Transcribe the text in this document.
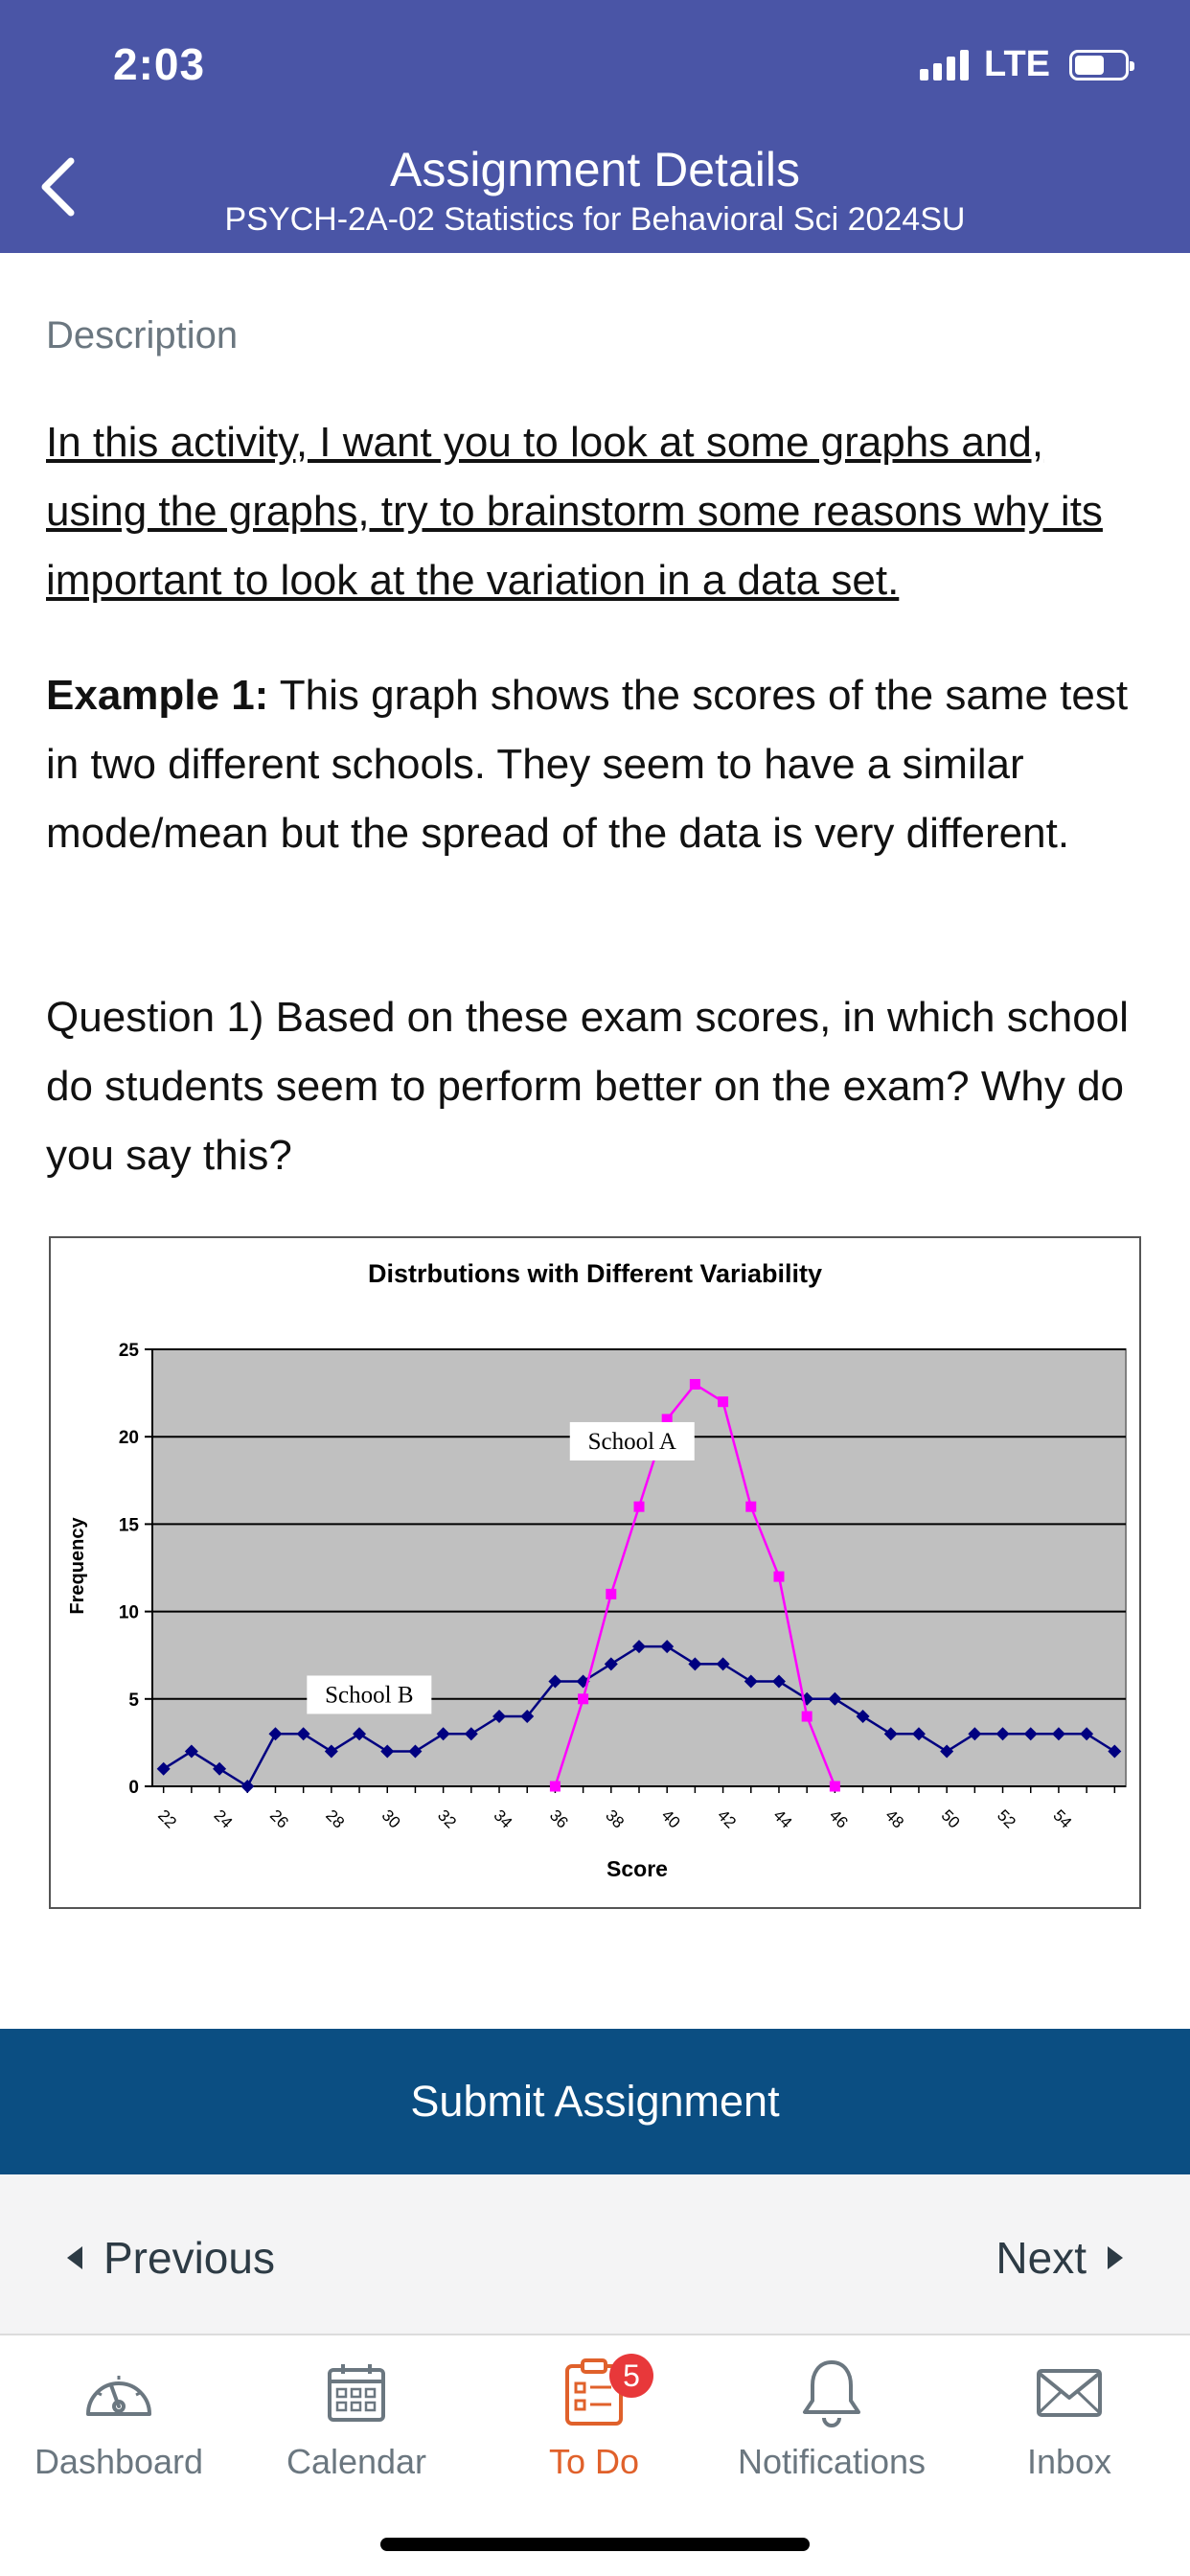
2:03	LTE
Assignment Details
PSYCH-2A-02 Statistics for Behavioral Sci 2024SU
Description
In this activity, I want you to look at some graphs and, using the graphs, try to brainstorm some reasons why its important to look at the variation in a data set.
Example 1: This graph shows the scores of the same test in two different schools. They seem to have a similar mode/mean but the spread of the data is very different.
Question 1) Based on these exam scores, in which school do students seem to perform better on the exam? Why do you say this?
0
5
10
15
20
25
22 24 26 28 30 32 34 36 38 40 42 44 46 48 50 52 54
School A
School B
Distrbutions with Different Variability
Score
Frequency
Submit Assignment
Previous	Next
Dashboard Calendar
5
To Do	Notifications	Inbox
